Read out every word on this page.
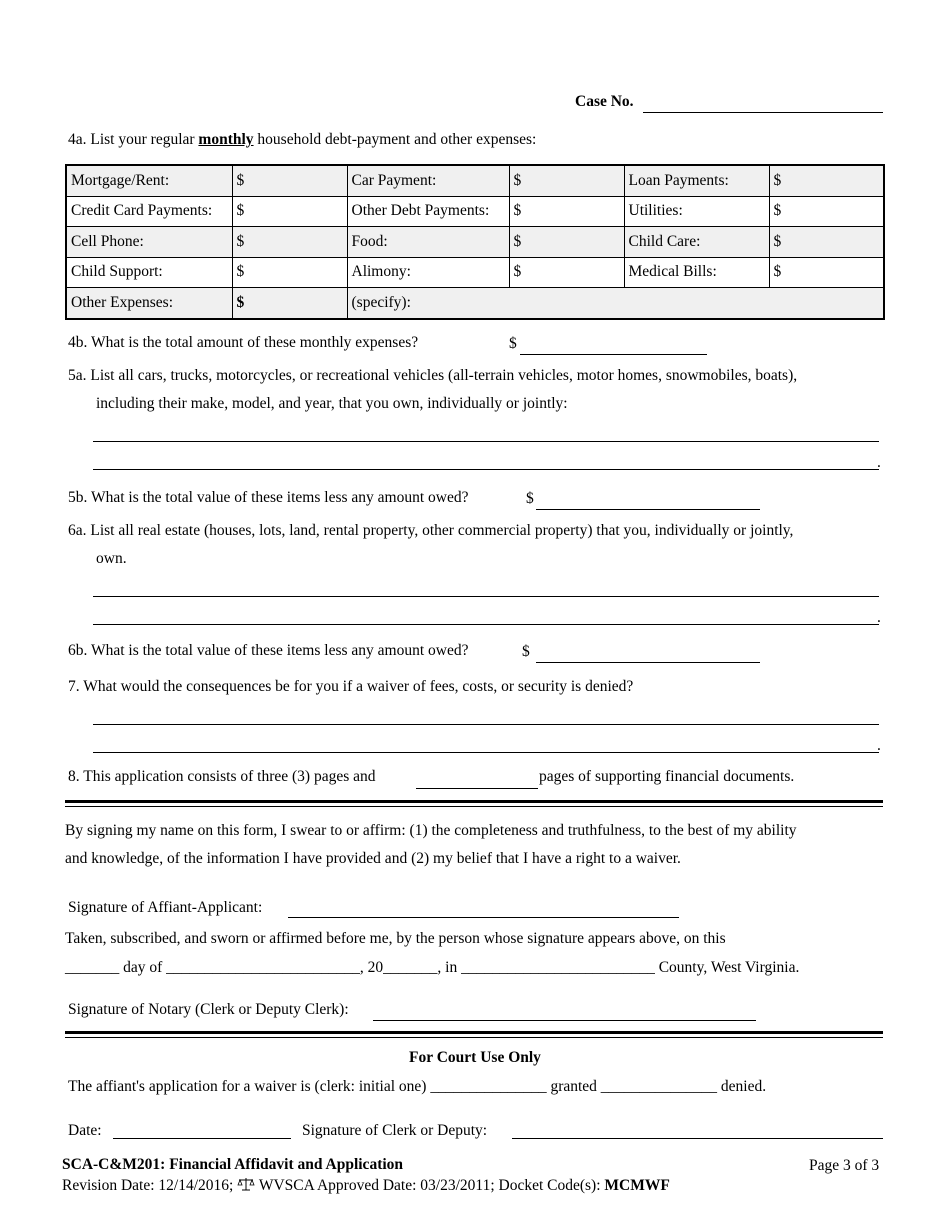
Case No.
4a. List your regular monthly household debt-payment and other expenses:
Mortgage/Rent:	$	Car Payment:	$	Loan Payments:	$
Credit Card Payments:	$	Other Debt Payments:	$	Utilities:	$
Cell Phone:	$	Food:	$	Child Care:	$
Child Support:	$	Alimony:	$	Medical Bills:	$
Other Expenses:	$	(specify):			
4b. What is the total amount of these monthly expenses?	$
5a. List all cars, trucks, motorcycles, or recreational vehicles (all-terrain vehicles, motor homes, snowmobiles, boats),
including their make, model, and year, that you own, individually or jointly:
.
5b. What is the total value of these items less any amount owed?	$
6a. List all real estate (houses, lots, land, rental property, other commercial property) that you, individually or jointly,
own.
.
6b. What is the total value of these items less any amount owed?	$
7. What would the consequences be for you if a waiver of fees, costs, or security is denied?
.
8. This application consists of three (3) pages and	pages of supporting financial documents.
By signing my name on this form, I swear to or affirm: (1) the completeness and truthfulness, to the best of my ability
and knowledge, of the information I have provided and (2) my belief that I have a right to a waiver.
Signature of Affiant-Applicant:
Taken, subscribed, and sworn or affirmed before me, by the person whose signature appears above, on this
_______ day of _________________________, 20_______, in _________________________ County, West Virginia.
Signature of Notary (Clerk or Deputy Clerk):
For Court Use Only
The affiant's application for a waiver is (clerk: initial one) _______________ granted _______________ denied.
Date:	Signature of Clerk or Deputy:
SCA-C&M201: Financial Affidavit and Application	Page 3 of 3
Revision Date: 12/14/2016; WVSCA Approved Date: 03/23/2011; Docket Code(s): MCMWF
